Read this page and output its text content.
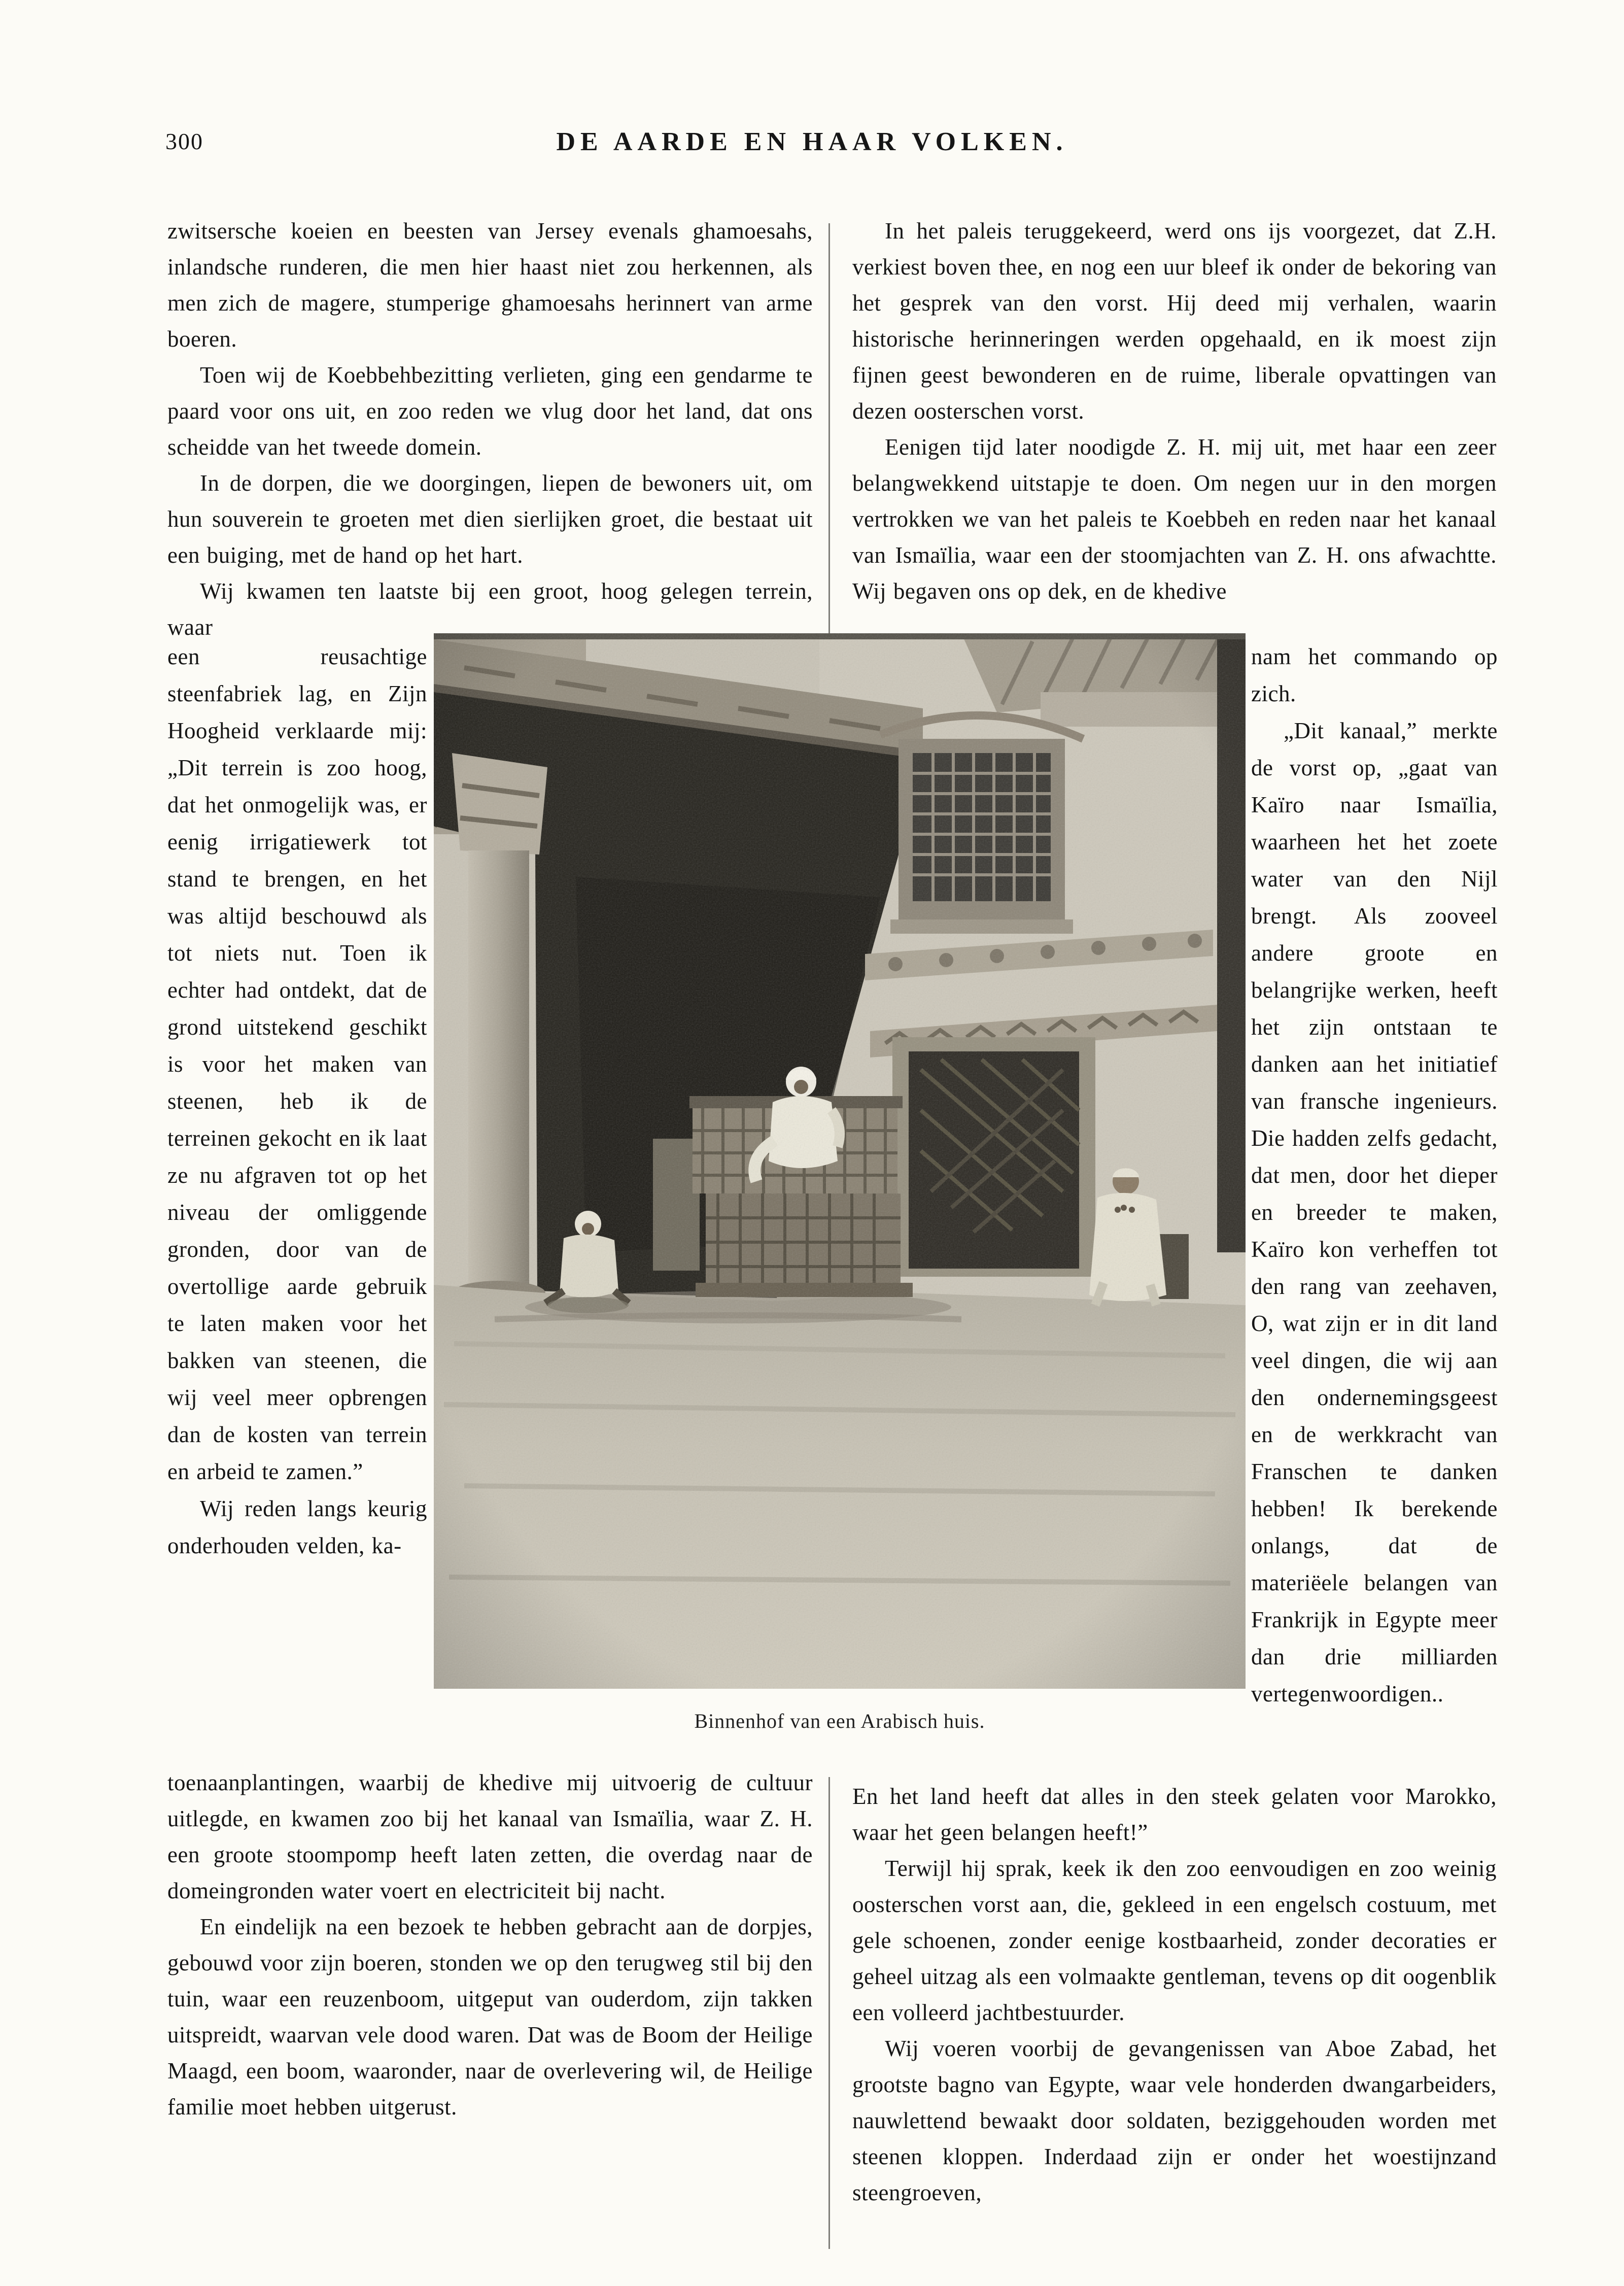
300	DE AARDE EN HAAR VOLKEN.

zwitsersche koeien en beesten van Jersey evenals ghamoesahs, inlandsche runderen, die men hier haast niet zou herkennen, als men zich de magere, stumperige ghamoesahs herinnert van arme boeren.

Toen wij de Koebbehbezitting verlieten, ging een gendarme te paard voor ons uit, en zoo reden we vlug door het land, dat ons scheidde van het tweede domein.

In de dorpen, die we doorgingen, liepen de bewoners uit, om hun souverein te groeten met dien sierlijken groet, die bestaat uit een buiging, met de hand op het hart.

Wij kwamen ten laatste bij een groot, hoog gelegen terrein, waar

In het paleis teruggekeerd, werd ons ijs voorgezet, dat Z.H. verkiest boven thee, en nog een uur bleef ik onder de bekoring van het gesprek van den vorst. Hij deed mij verhalen, waarin historische herinneringen werden opgehaald, en ik moest zijn fijnen geest bewonderen en de ruime, liberale opvattingen van dezen oosterschen vorst.

Eenigen tijd later noodigde Z. H. mij uit, met haar een zeer belangwekkend uitstapje te doen. Om negen uur in den morgen vertrokken we van het paleis te Koebbeh en reden naar het kanaal van Ismaïlia, waar een der stoomjachten van Z. H. ons afwachtte. Wij begaven ons op dek, en de khedive

een reusachtige steenfabriek lag, en Zijn Hoogheid verklaarde mij: „Dit terrein is zoo hoog, dat het onmogelijk was, er eenig irrigatiewerk tot stand te brengen, en het was altijd beschouwd als tot niets nut. Toen ik echter had ontdekt, dat de grond uitstekend geschikt is voor het maken van steenen, heb ik de terreinen gekocht en ik laat ze nu afgraven tot op het niveau der omliggende gronden, door van de overtollige aarde gebruik te laten maken voor het bakken van steenen, die wij veel meer opbrengen dan de kosten van terrein en arbeid te zamen.”

Wij reden langs keurig onderhouden velden, ka-

nam het commando op zich.

„Dit kanaal,” merkte de vorst op, „gaat van Kaïro naar Ismaïlia, waarheen het het zoete water van den Nijl brengt. Als zooveel andere groote en belangrijke werken, heeft het zijn ontstaan te danken aan het initiatief van fransche ingenieurs. Die hadden zelfs gedacht, dat men, door het dieper en breeder te maken, Kaïro kon verheffen tot den rang van zeehaven, O, wat zijn er in dit land veel dingen, die wij aan den ondernemingsgeest en de werkkracht van Franschen te danken hebben! Ik berekende onlangs, dat de materiëele belangen van Frankrijk in Egypte meer dan drie milliarden vertegenwoordigen..

Binnenhof van een Arabisch huis.

toenaanplantingen, waarbij de khedive mij uitvoerig de cultuur uitlegde, en kwamen zoo bij het kanaal van Ismaïlia, waar Z. H. een groote stoompomp heeft laten zetten, die overdag naar de domeingronden water voert en electriciteit bij nacht.

En eindelijk na een bezoek te hebben gebracht aan de dorpjes, gebouwd voor zijn boeren, stonden we op den terugweg stil bij den tuin, waar een reuzenboom, uitgeput van ouderdom, zijn takken uitspreidt, waarvan vele dood waren. Dat was de Boom der Heilige Maagd, een boom, waaronder, naar de overlevering wil, de Heilige familie moet hebben uitgerust.

En het land heeft dat alles in den steek gelaten voor Marokko, waar het geen belangen heeft!”

Terwijl hij sprak, keek ik den zoo eenvoudigen en zoo weinig oosterschen vorst aan, die, gekleed in een engelsch costuum, met gele schoenen, zonder eenige kostbaarheid, zonder decoraties er geheel uitzag als een volmaakte gentleman, tevens op dit oogenblik een volleerd jachtbestuurder.

Wij voeren voorbij de gevangenissen van Aboe Zabad, het grootste bagno van Egypte, waar vele honderden dwangarbeiders, nauwlettend bewaakt door soldaten, beziggehouden worden met steenen kloppen. Inderdaad zijn er onder het woestijnzand steengroeven,
